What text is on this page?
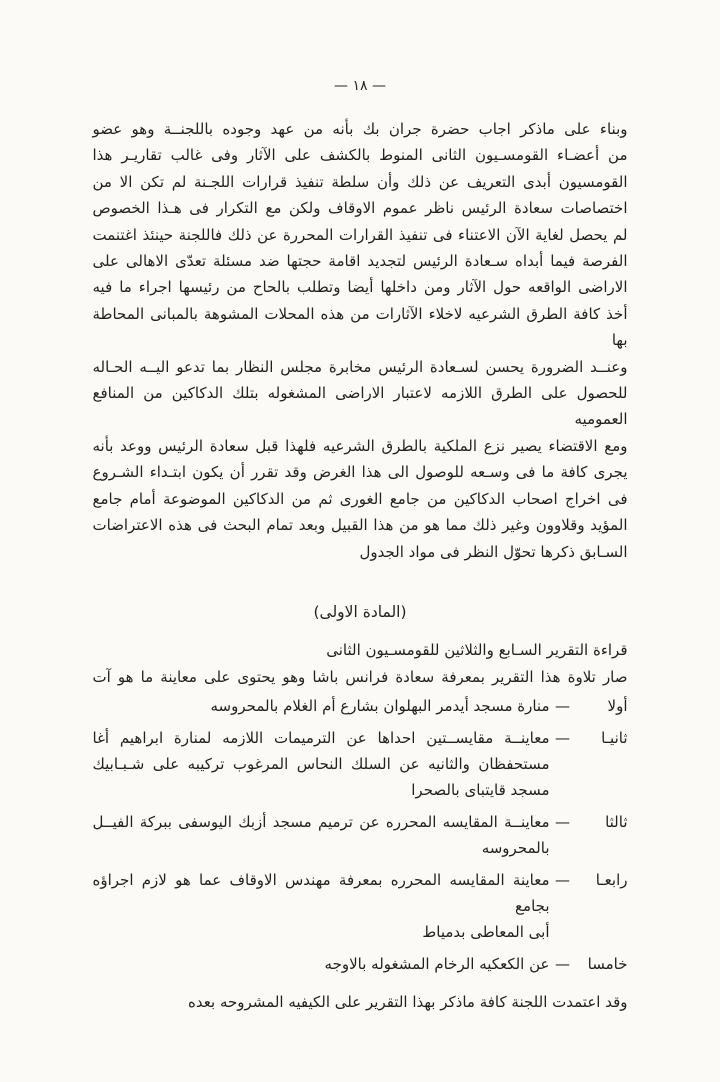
— ١٨ —
وبناء على ماذكر اجاب حضرة جران بك بأنه من عهد وجوده باللجنــة وهو عضو
من أعضـاء القومسـيون الثانى المنوط بالكشف على الآثار وفى غالب تقاريـر هذا
القومسيون أبدى التعريف عن ذلك وأن سلطة تنفيذ قرارات اللجـنة لم تكن الا من
اختصاصات سعادة الرئيس ناظر عموم الاوقاف ولكن مع التكرار فى هـذا الخصوص
لم يحصل لغاية الآن الاعتناء فى تنفيذ القرارات المحررة عن ذلك فاللجنة حينئذ اغتنمت
الفرصة فيما أبداه سـعادة الرئيس لتجديد اقامة حجتها ضد مسئلة تعدّى الاهالى على
الاراضى الواقعه حول الآثار ومن داخلها أيضا وتطلب بالحاح من رئيسها اجراء ما فيه
أخذ كافة الطرق الشرعيه لاخلاء الآثارات من هذه المحلات المشوهة بالمبانى المحاطة بها
وعنــد الضرورة يحسن لسـعادة الرئيس مخابرة مجلس النظار بما تدعو اليــه الحـاله
للحصول على الطرق اللازمه لاعتبار الاراضى المشغوله بتلك الدكاكين من المنافع العموميه
ومع الاقتضاء يصير نزع الملكية بالطرق الشرعيه فلهذا قبل سعادة الرئيس ووعد بأنه
يجرى كافة ما فى وسـعه للوصول الى هذا الغرض وقد تقرر أن يكون ابتـداء الشـروع
فى اخراج اصحاب الدكاكين من جامع الغورى ثم من الدكاكين الموضوعة أمام جامع
المؤيد وقلاوون وغير ذلك مما هو من هذا القبيل وبعد تمام البحث فى هذه الاعتراضات
السـابق ذكرها تحوّل النظر فى مواد الجدول
(المادة الاولى)
قراءة التقرير السـابع والثلاثين للقومسـيون الثانى
صار تلاوة هذا التقرير بمعرفة سعادة فرانس باشا وهو يحتوى على معاينة ما هو آت
أولا
—
منارة مسجد أيدمر البهلوان بشارع أم الغلام بالمحروسه
ثانيـا
—
معاينــة مقايســتين احداها عن الترميمات اللازمه لمنارة ابراهيم أغا
مستحفظان والثانيه عن السلك النحاس المرغوب تركيبه على شـبـابيك
مسجد قايتباى بالصحرا
ثالثا
—
معاينــة المقايسه المحرره عن ترميم مسجد أزبك اليوسفى ببركة الفيــل
بالمحروسه
رابعـا
—
معاينة المقايسه المحرره بمعرفة مهندس الاوقاف عما هو لازم اجراؤه بجامع
أبى المعاطى بدمياط
خامسا
—
عن الكعكيه الرخام المشغوله بالاوجه
وقد اعتمدت اللجنة كافة ماذكر بهذا التقرير على الكيفيه المشروحه بعده
